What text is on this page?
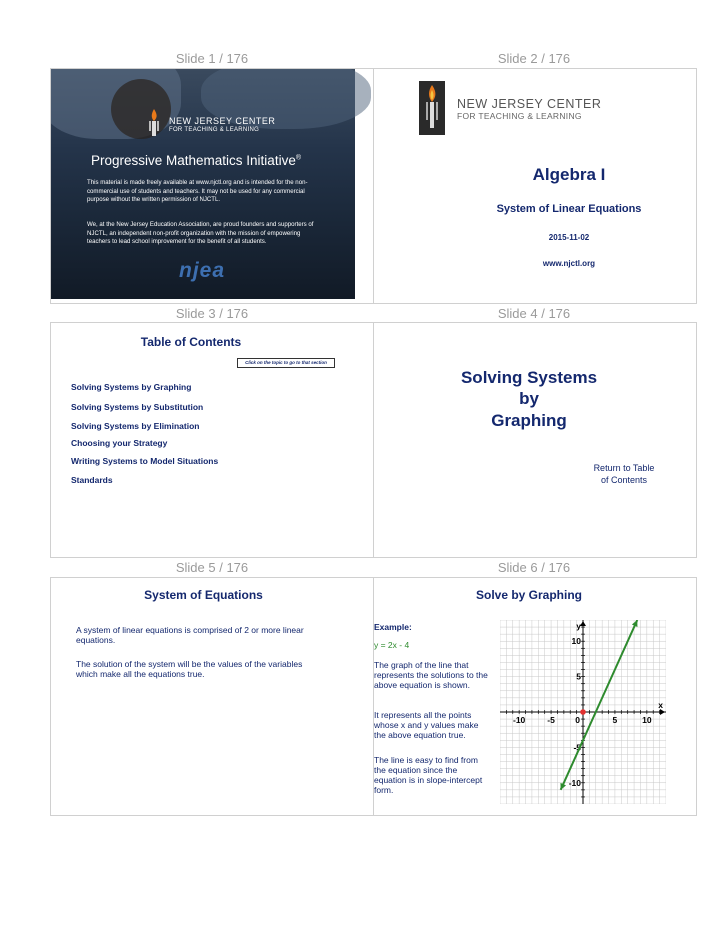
Slide 1 / 176	Slide 2 / 176
Slide 3 / 176	Slide 4 / 176
Slide 5 / 176	Slide 6 / 176
NEW JERSEY CENTER
FOR TEACHING & LEARNING
Progressive Mathematics Initiative®
This material is made freely available at www.njctl.org and is intended for the non-commercial use of students and teachers. It may not be used for any commercial purpose without the written permission of NJCTL.
We, at the New Jersey Education Association, are proud founders and supporters of NJCTL, an independent non-profit organization with the mission of empowering teachers to lead school improvement for the benefit of all students.
njea
NEW JERSEY CENTER
FOR TEACHING & LEARNING
Algebra I
System of Linear Equations
2015-11-02
www.njctl.org
Table of Contents
Click on the topic to go to that section
Solving Systems by Graphing
Solving Systems by Substitution
Solving Systems by Elimination
Choosing your Strategy
Writing Systems to Model Situations
Standards
Solving Systems
by
Graphing
Return to Table
of Contents
System of Equations
A system of linear equations is comprised of 2 or more linear equations.
The solution of the system will be the values of the variables which make all the equations true.
Solve by Graphing
Example:
y = 2x - 4
The graph of the line that represents the solutions to the above equation is shown.
It represents all the points whose x and y values make the above equation true.
The line is easy to find from the equation since the equation is in slope-intercept form.
-10	-5	5	10
10
5
-5
-10
0
x
y
